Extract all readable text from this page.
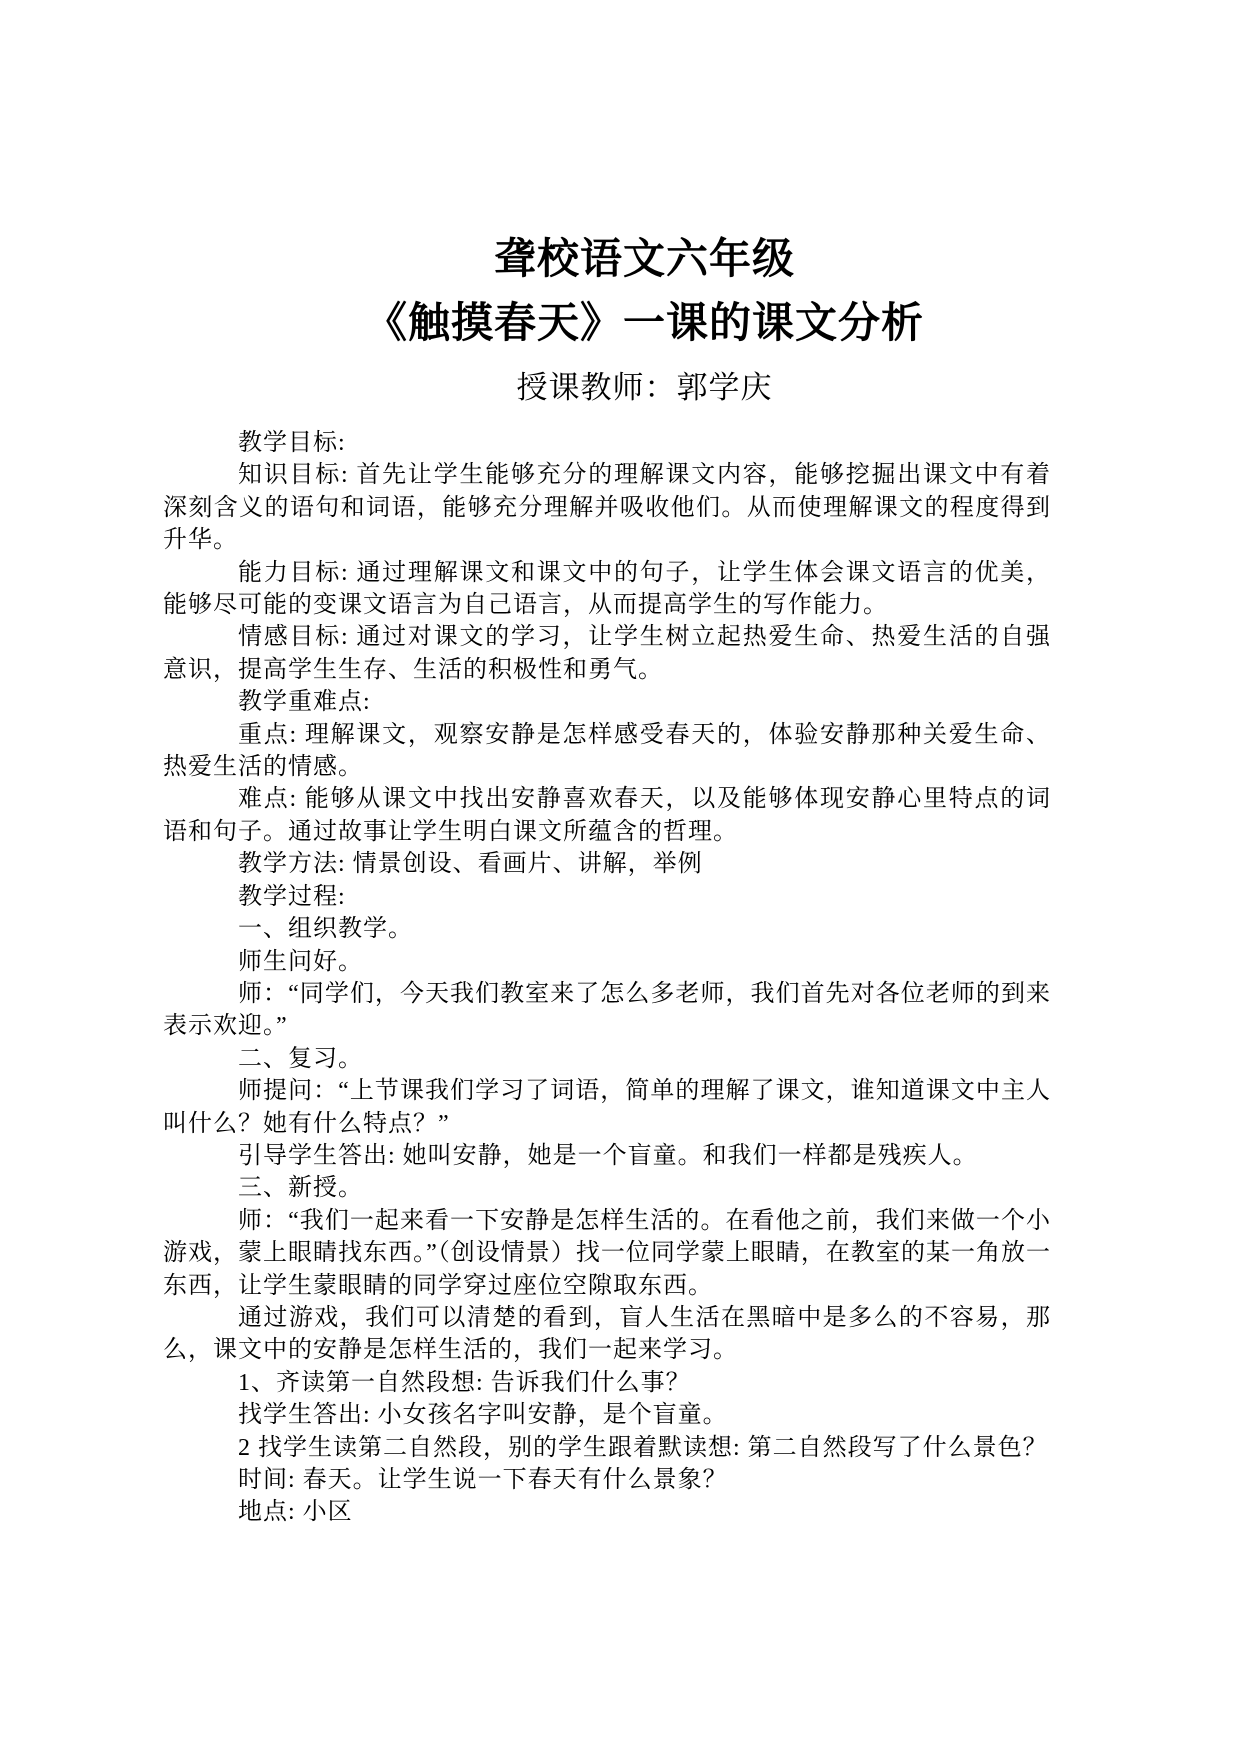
聋校语文六年级
《触摸春天》一课的课文分析
授课教师：郭学庆

教学目标:

知识目标: 首先让学生能够充分的理解课文内容，能够挖掘出课文中有着深刻含义的语句和词语，能够充分理解并吸收他们。从而使理解课文的程度得到升华。

能力目标: 通过理解课文和课文中的句子，让学生体会课文语言的优美，能够尽可能的变课文语言为自己语言，从而提高学生的写作能力。

情感目标: 通过对课文的学习，让学生树立起热爱生命、热爱生活的自强意识，提高学生生存、生活的积极性和勇气。

教学重难点:

重点: 理解课文，观察安静是怎样感受春天的，体验安静那种关爱生命、热爱生活的情感。

难点: 能够从课文中找出安静喜欢春天，以及能够体现安静心里特点的词语和句子。通过故事让学生明白课文所蕴含的哲理。

教学方法: 情景创设、看画片、讲解，举例

教学过程:

一、组织教学。

师生问好。

师：“同学们，今天我们教室来了怎么多老师，我们首先对各位老师的到来表示欢迎。”

二、复习。

师提问：“上节课我们学习了词语，简单的理解了课文，谁知道课文中主人叫什么？她有什么特点？”

引导学生答出: 她叫安静，她是一个盲童。和我们一样都是残疾人。

三、新授。

师：“我们一起来看一下安静是怎样生活的。在看他之前，我们来做一个小游戏，蒙上眼睛找东西。”（创设情景）找一位同学蒙上眼睛，在教室的某一角放一东西，让学生蒙眼睛的同学穿过座位空隙取东西。

通过游戏，我们可以清楚的看到，盲人生活在黑暗中是多么的不容易，那么，课文中的安静是怎样生活的，我们一起来学习。

1、齐读第一自然段想: 告诉我们什么事？

找学生答出: 小女孩名字叫安静，是个盲童。

2 找学生读第二自然段，别的学生跟着默读想: 第二自然段写了什么景色？

时间: 春天。让学生说一下春天有什么景象？

地点: 小区
